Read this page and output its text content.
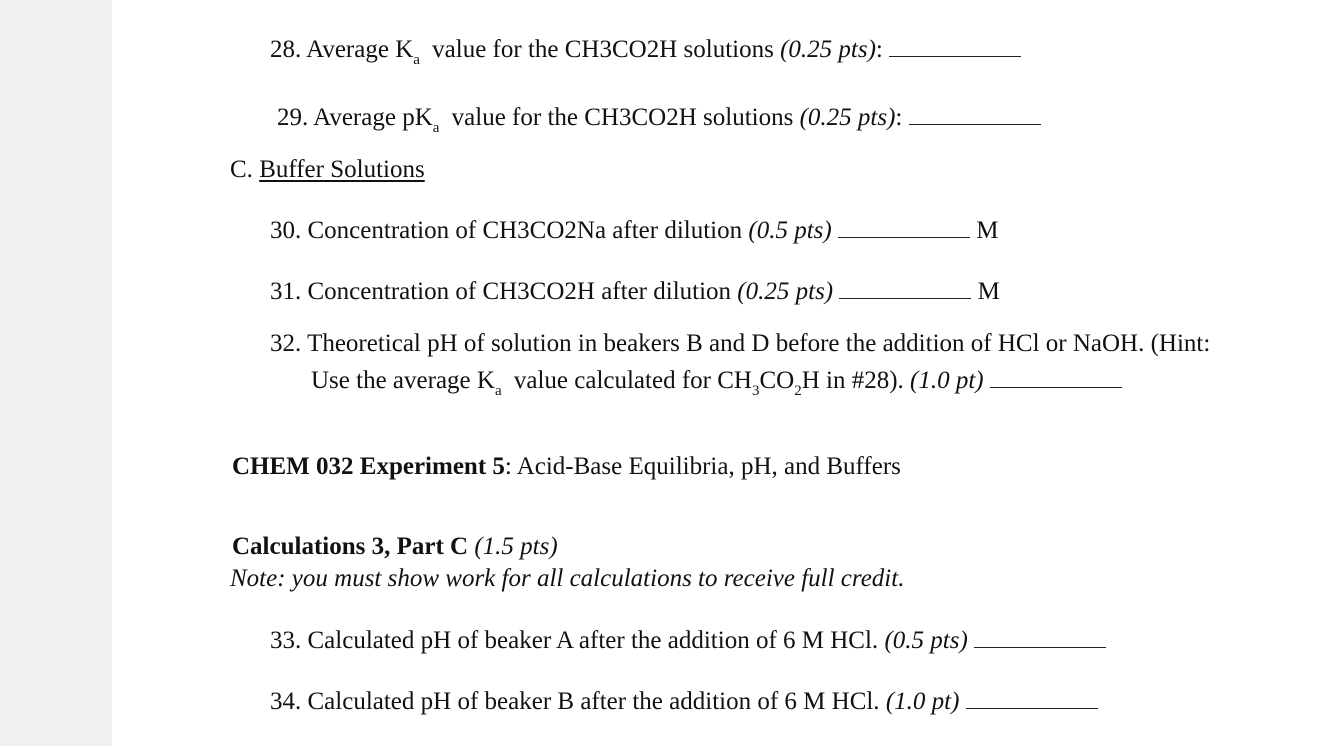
28. Average $K_a$ value for the CH3CO2H solutions (0.25 pts):
29. Average $pK_a$ value for the CH3CO2H solutions (0.25 pts):
C. Buffer Solutions
30. Concentration of CH3CO2Na after dilution (0.5 pts)	M
31. Concentration of CH3CO2H after dilution (0.25 pts)	M
32. Theoretical pH of solution in beakers B and D before the addition of HCl or NaOH. (Hint:
Use the average $K_a$ value calculated for $CH_3CO_2H$ in #28). (1.0 pt)
CHEM 032 Experiment 5: Acid-Base Equilibria, pH, and Buffers
Calculations 3, Part C (1.5 pts)
Note: you must show work for all calculations to receive full credit.
33. Calculated pH of beaker A after the addition of 6 M HCl. (0.5 pts)
34. Calculated pH of beaker B after the addition of 6 M HCl. (1.0 pt)
